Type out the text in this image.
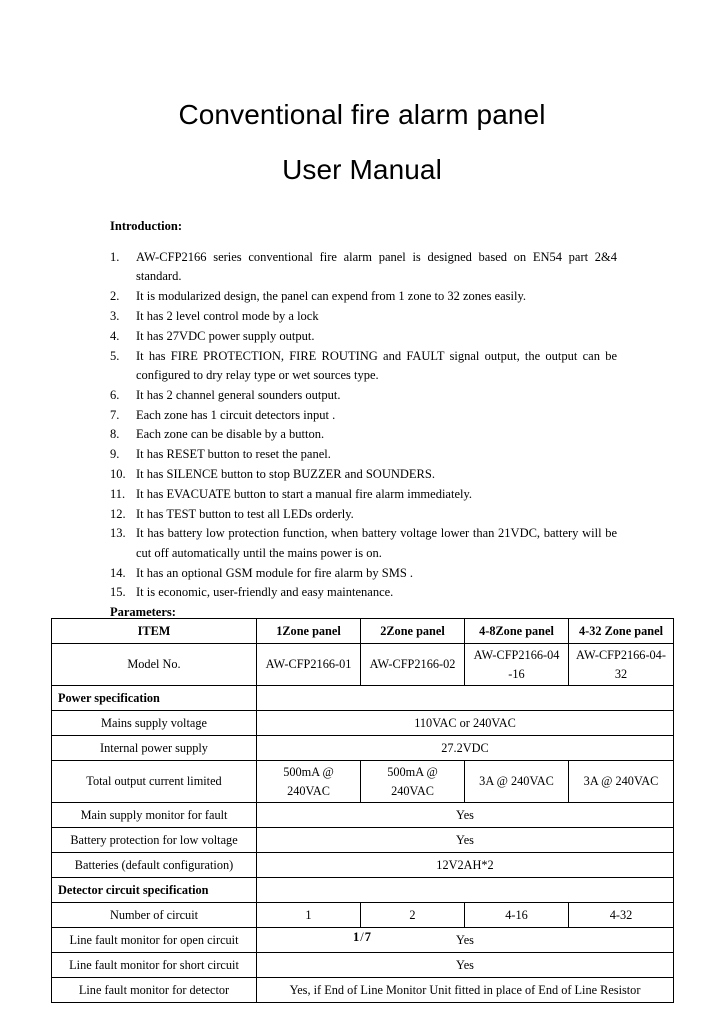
Conventional fire alarm panel
User Manual
Introduction:
1.	AW-CFP2166 series conventional fire alarm panel is designed based on EN54 part 2&4 standard.
2.	It is modularized design, the panel can expend from 1 zone to 32 zones easily.
3.	It has 2 level control mode by a lock
4.	It has 27VDC power supply output.
5.	It has FIRE PROTECTION, FIRE ROUTING and FAULT signal output, the output can be configured to dry relay type or wet sources type.
6.	It has 2 channel general sounders output.
7.	Each zone has 1 circuit detectors input .
8.	Each zone can be disable by a button.
9.	It has RESET button to reset the panel.
10. It has SILENCE button to stop BUZZER and SOUNDERS.
11. It has EVACUATE button to start a manual fire alarm immediately.
12. It has TEST button to test all LEDs orderly.
13. It has battery low protection function, when battery voltage lower than 21VDC, battery will be cut off automatically until the mains power is on.
14. It has an optional GSM module for fire alarm by SMS .
15. It is economic, user-friendly and easy maintenance.
Parameters:
ITEM	1Zone panel	2Zone panel	4-8Zone panel	4-32 Zone panel
Model No.	AW-CFP2166-01	AW-CFP2166-02	AW-CFP2166-04 -16	AW-CFP2166-04-32
Power specification				
Mains supply voltage	110VAC or 240VAC			
Internal power supply	27.2VDC			
Total output current limited	500mA @ 240VAC	500mA @ 240VAC	3A @ 240VAC	3A @ 240VAC
Main supply monitor for fault	Yes			
Battery protection for low voltage	Yes			
Batteries (default configuration)	12V2AH*2			
Detector circuit specification				
Number of circuit	1	2	4-16	4-32
Line fault monitor for open circuit	Yes			
Line fault monitor for short circuit	Yes			
Line fault monitor for detector	Yes, if End of Line Monitor Unit fitted in place of End of Line Resistor			
1/7
